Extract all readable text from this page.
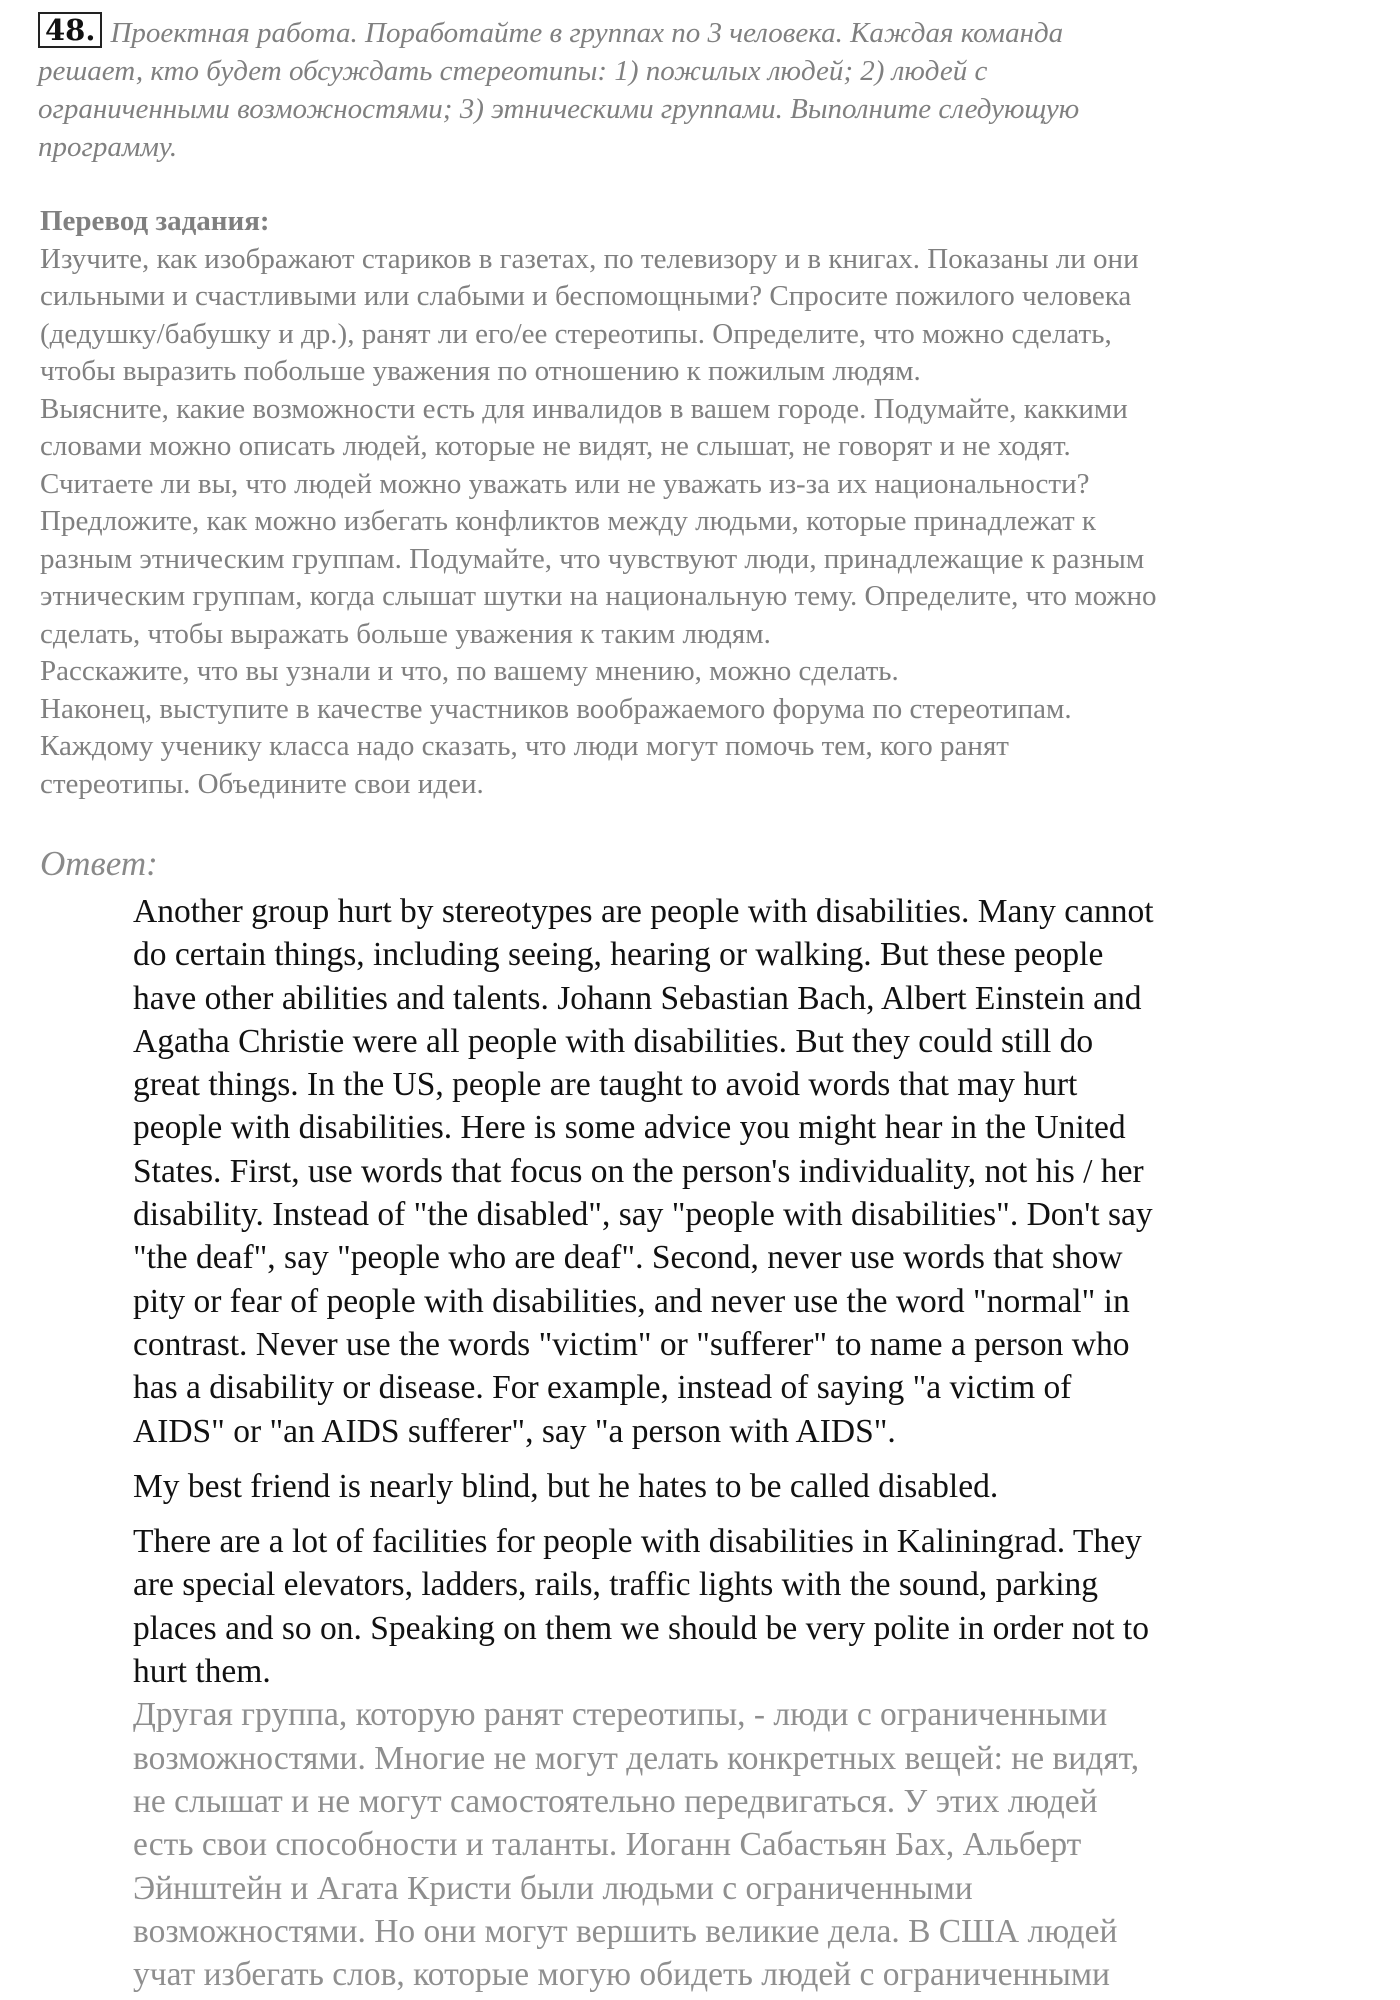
48. Проектная работа. Поработайте в группах по 3 человека. Каждая команда
решает, кто будет обсуждать стереотипы: 1) пожилых людей; 2) людей с
ограниченными возможностями; 3) этническими группами. Выполните следующую
программу.
Перевод задания:
Изучите, как изображают стариков в газетах, по телевизору и в книгах. Показаны ли они
сильными и счастливыми или слабыми и беспомощными? Спросите пожилого человека
(дедушку/бабушку и др.), ранят ли его/ее стереотипы. Определите, что можно сделать,
чтобы выразить побольше уважения по отношению к пожилым людям.
Выясните, какие возможности есть для инвалидов в вашем городе. Подумайте, каккими
словами можно описать людей, которые не видят, не слышат, не говорят и не ходят.
Считаете ли вы, что людей можно уважать или не уважать из-за их национальности?
Предложите, как можно избегать конфликтов между людьми, которые принадлежат к
разным этническим группам. Подумайте, что чувствуют люди, принадлежащие к разным
этническим группам, когда слышат шутки на национальную тему. Определите, что можно
сделать, чтобы выражать больше уважения к таким людям.
Расскажите, что вы узнали и что, по вашему мнению, можно сделать.
Наконец, выступите в качестве участников воображаемого форума по стереотипам.
Каждому ученику класса надо сказать, что люди могут помочь тем, кого ранят
стереотипы. Объедините свои идеи.
Ответ:
Another group hurt by stereotypes are people with disabilities. Many cannot
do certain things, including seeing, hearing or walking. But these people
have other abilities and talents. Johann Sebastian Bach, Albert Einstein and
Agatha Christie were all people with disabilities. But they could still do
great things. In the US, people are taught to avoid words that may hurt
people with disabilities. Here is some advice you might hear in the United
States. First, use words that focus on the person's individuality, not his / her
disability. Instead of "the disabled", say "people with disabilities". Don't say
"the deaf", say "people who are deaf". Second, never use words that show
pity or fear of people with disabilities, and never use the word "normal" in
contrast. Never use the words "victim" or "sufferer" to name a person who
has a disability or disease. For example, instead of saying "a victim of
AIDS" or "an AIDS sufferer", say "a person with AIDS".
My best friend is nearly blind, but he hates to be called disabled.
There are a lot of facilities for people with disabilities in Kaliningrad. They
are special elevators, ladders, rails, traffic lights with the sound, parking
places and so on. Speaking on them we should be very polite in order not to
hurt them.
Другая группа, которую ранят стереотипы, - люди с ограниченными
возможностями. Многие не могут делать конкретных вещей: не видят,
не слышат и не могут самостоятельно передвигаться. У этих людей
есть свои способности и таланты. Иоганн Сабастьян Бах, Альберт
Эйнштейн и Агата Кристи были людьми с ограниченными
возможностями. Но они могут вершить великие дела. В США людей
учат избегать слов, которые могую обидеть людей с ограниченными
